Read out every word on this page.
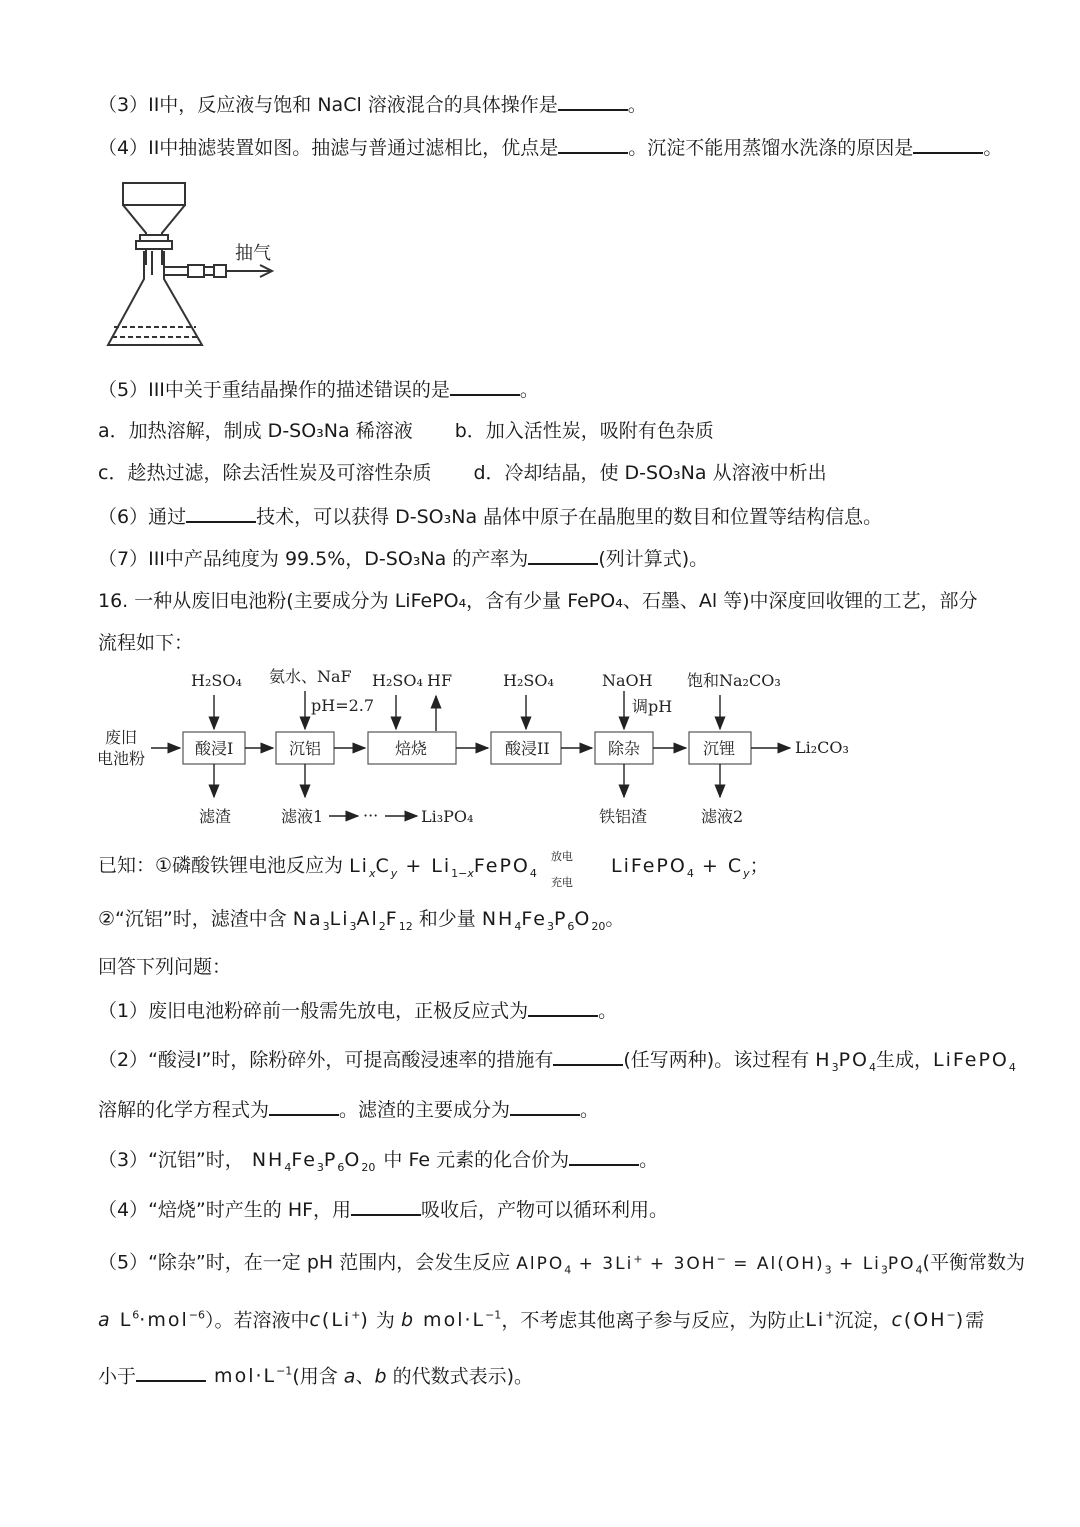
（3）II中，反应液与饱和 NaCl 溶液混合的具体操作是	。
（4）II中抽滤装置如图。抽滤与普通过滤相比，优点是	。沉淀不能用蒸馏水洗涤的原因是	。
抽气
（5）III中关于重结晶操作的描述错误的是	。
a．加热溶解，制成 D-SO₃Na 稀溶液 b．加入活性炭，吸附有色杂质
c．趁热过滤，除去活性炭及可溶性杂质 d．冷却结晶，使 D-SO₃Na 从溶液中析出
（6）通过	技术，可以获得 D-SO₃Na 晶体中原子在晶胞里的数目和位置等结构信息。
（7）III中产品纯度为 99.5%，D-SO₃Na 的产率为	(列计算式)。
16. 一种从废旧电池粉(主要成分为 LiFePO₄，含有少量 FePO₄、石墨、Al 等)中深度回收锂的工艺，部分
流程如下：
废旧
电池粉
酸浸I	沉铝	焙烧	酸浸II	除杂	沉锂	Li₂CO₃
H₂SO₄ 氨水、NaF
pH=2.7
H₂SO₄ HF	H₂SO₄	NaOH
调pH
饱和Na₂CO₃
滤渣	滤液1 ···	Li₃PO₄	铁铝渣	滤液2
已知：①磷酸铁锂电池反应为 $Li_xC_y$ + $Li_{1-x}FePO_4$
放电
充电
LiFePO$_4$ + $C_y$；
②“沉铝”时，滤渣中含 $Na_3Li_3Al_2F_{12}$ 和少量 $NH_4Fe_3P_6O_{20}$。
回答下列问题：
（1）废旧电池粉碎前一般需先放电，正极反应式为	。
（2）“酸浸I”时，除粉碎外，可提高酸浸速率的措施有	(任写两种)。该过程有 $H_3PO_4$生成，LiFePO$_4$
溶解的化学方程式为	。滤渣的主要成分为	。
（3）“沉铝”时， $NH_4Fe_3P_6O_{20}$ 中 Fe 元素的化合价为	。
（4）“焙烧”时产生的 HF，用	吸收后，产物可以循环利用。
（5）“除杂”时，在一定 pH 范围内，会发生反应 AlPO$_4$ + $3Li^+ + 3OH^- = Al(OH)_3 + Li_3PO_4$(平衡常数为
a $L^6\cdot mol^{-6}$）。若溶液中c(Li+) 为 b $mol\cdot L^{-1}$，不考虑其他离子参与反应，为防止Li+沉淀，c(OH−)需
小于	$mol\cdot L^{-1}$(用含 a、b 的代数式表示)。
